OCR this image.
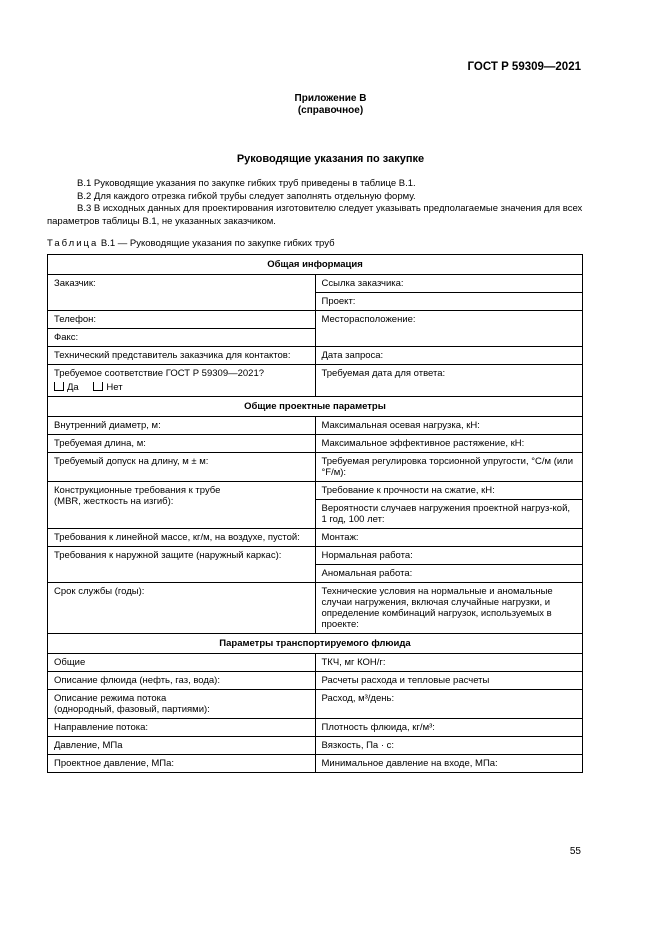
ГОСТ Р 59309—2021
Приложение В
(справочное)
Руководящие указания по закупке

В.1 Руководящие указания по закупке гибких труб приведены в таблице В.1.

В.2 Для каждого отрезка гибкой трубы следует заполнять отдельную форму.

В.3 В исходных данных для проектирования изготовителю следует указывать предполагаемые значения для всех параметров таблицы В.1, не указанных заказчиком.

Таблица В.1 — Руководящие указания по закупке гибких труб
Общая информация	
Заказчик:	Ссылка заказчика:
	Проект:
Телефон:	Месторасположение:
Факс:	
Технический представитель заказчика для контактов:	Дата запроса:

Требуемое соответствие ГОСТ Р 59309—2021?
Да Нет	Требуемая дата для ответа:
Общие проектные параметры	
Внутренний диаметр, м:	Максимальная осевая нагрузка, кН:
Требуемая длина, м:	Максимальное эффективное растяжение, кН:
Требуемый допуск на длину, м ± м:	Требуемая регулировка торсионной упругости, °С/м (или °F/м):

Конструкционные требования к трубе
(MBR, жесткость на изгиб):	Требование к прочности на сжатие, кН:
	Вероятности случаев нагружения проектной нагруз-кой, 1 год, 100 лет:
Требования к линейной массе, кг/м, на воздухе, пустой:	Монтаж:
Требования к наружной защите (наружный каркас):	Нормальная работа:
	Аномальная работа:
Срок службы (годы):	Технические условия на нормальные и аномальные случаи нагружения, включая случайные нагрузки, и определение комбинаций нагрузок, используемых в проекте:
Параметры транспортируемого флюида	
Общие	ТКЧ, мг КОН/г:
Описание флюида (нефть, газ, вода):	Расчеты расхода и тепловые расчеты

Описание режима потока
(однородный, фазовый, партиями):	Расход, м³/день:
Направление потока:	Плотность флюида, кг/м³:
Давление, МПа	Вязкость, Па · с:
Проектное давление, МПа:	Минимальное давление на входе, МПа:
55
